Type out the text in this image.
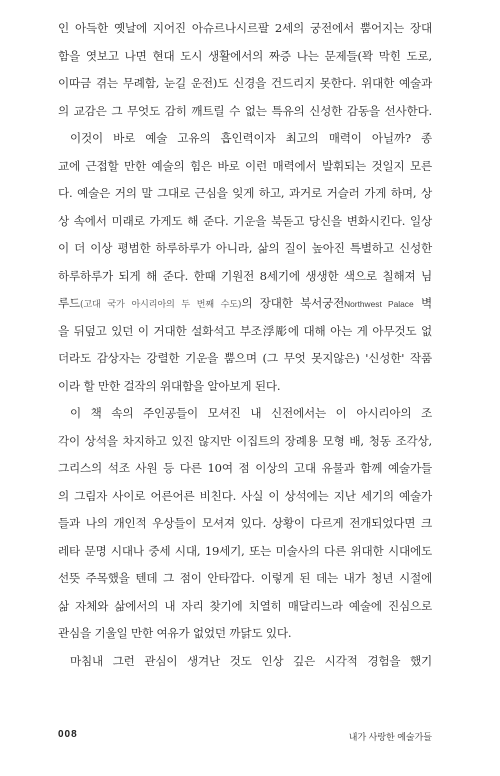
인 아득한 옛날에 지어진 아슈르나시르팔 2세의 궁전에서 뿜어지는 장대
함을 엿보고 나면 현대 도시 생활에서의 짜증 나는 문제들(꽉 막힌 도로,
이따금 겪는 무례함, 눈길 운전)도 신경을 건드리지 못한다. 위대한 예술과
의 교감은 그 무엇도 감히 깨트릴 수 없는 특유의 신성한 감동을 선사한다.
이것이 바로 예술 고유의 흡인력이자 최고의 매력이 아닐까? 종
교에 근접할 만한 예술의 힘은 바로 이런 매력에서 발휘되는 것일지 모른
다. 예술은 거의 말 그대로 근심을 잊게 하고, 과거로 거슬러 가게 하며, 상
상 속에서 미래로 가게도 해 준다. 기운을 북돋고 당신을 변화시킨다. 일상
이 더 이상 평범한 하루하루가 아니라, 삶의 질이 높아진 특별하고 신성한
하루하루가 되게 해 준다. 한때 기원전 8세기에 생생한 색으로 칠해져 님
루드(고대 국가 아시리아의 두 번째 수도)의 장대한 북서궁전Northwest Palace 벽
을 뒤덮고 있던 이 거대한 설화석고 부조浮彫에 대해 아는 게 아무것도 없
더라도 감상자는 강렬한 기운을 뿜으며 (그 무엇 못지않은) '신성한' 작품
이라 할 만한 걸작의 위대함을 알아보게 된다.
이 책 속의 주인공들이 모셔진 내 신전에서는 이 아시리아의 조
각이 상석을 차지하고 있진 않지만 이집트의 장례용 모형 배, 청동 조각상,
그리스의 석조 사원 등 다른 10여 점 이상의 고대 유물과 함께 예술가들
의 그림자 사이로 어른어른 비친다. 사실 이 상석에는 지난 세기의 예술가
들과 나의 개인적 우상들이 모셔져 있다. 상황이 다르게 전개되었다면 크
레타 문명 시대나 중세 시대, 19세기, 또는 미술사의 다른 위대한 시대에도
선뜻 주목했을 텐데 그 점이 안타깝다. 이렇게 된 데는 내가 청년 시절에
삶 자체와 삶에서의 내 자리 찾기에 치열히 매달리느라 예술에 진심으로
관심을 기울일 만한 여유가 없었던 까닭도 있다.
마침내 그런 관심이 생겨난 것도 인상 깊은 시각적 경험을 했기
008	내가 사랑한 예술가들
